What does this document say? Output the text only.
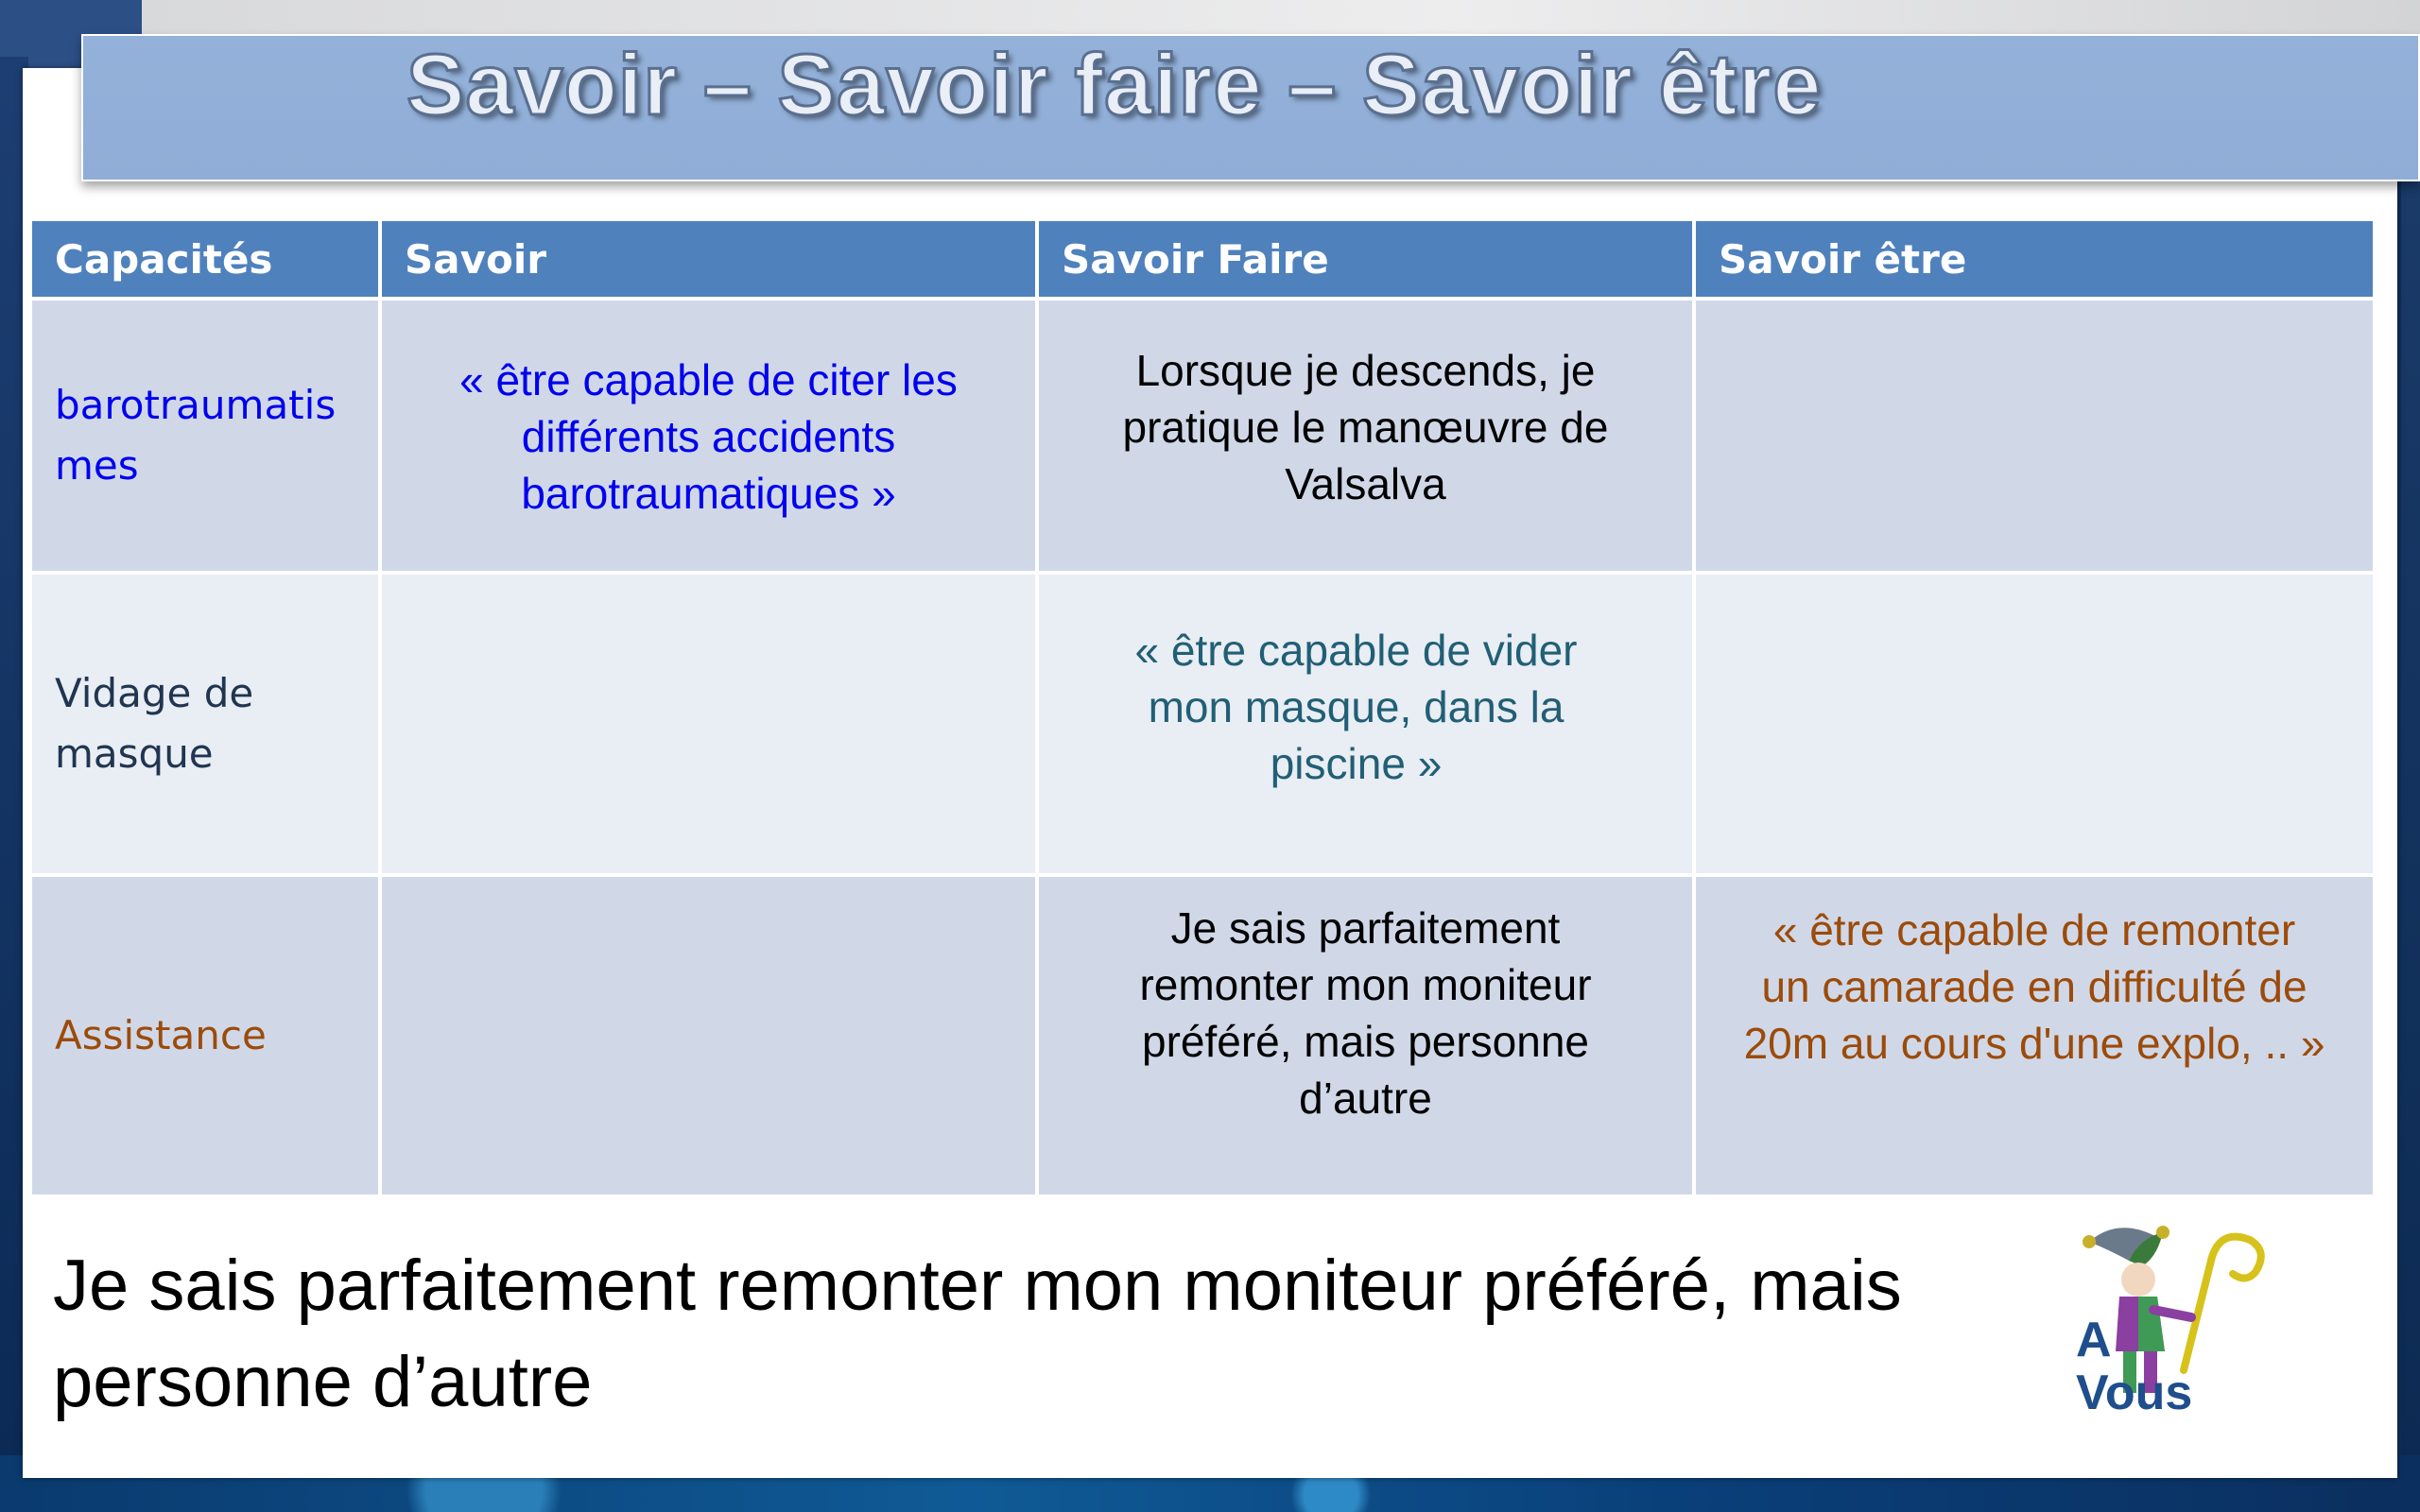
Savoir – Savoir faire – Savoir être
Capacités	Savoir	Savoir Faire	Savoir être

barotraumatis
mes	« être capable de citer les différents accidents barotraumatiques »	Lorsque je descends, je pratique le manœuvre de Valsalva	

Vidage de masque		« être capable de vider mon masque, dans la piscine »	

Assistance		Je sais parfaitement remonter mon moniteur préféré, mais personne d’autre	« être capable de remonter un camarade en difficulté de 20m au cours d'une explo, .. »
Je sais parfaitement remonter mon moniteur préféré, mais personne d’autre
A
Vous
